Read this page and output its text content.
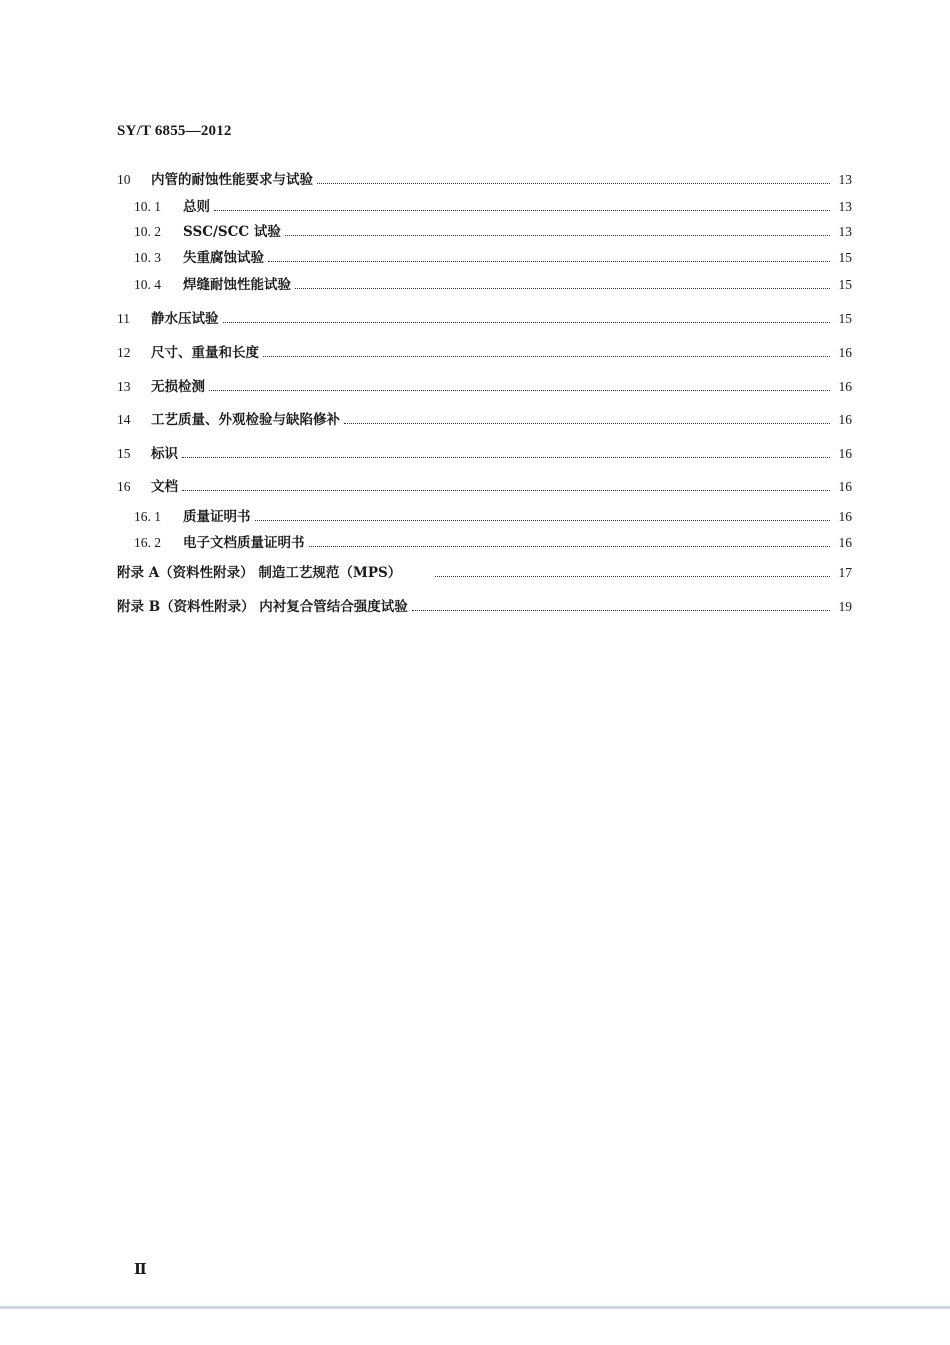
SY/T 6855—2012
10	内管的耐蚀性能要求与试验	13
10. 1	总则	13
10. 2	SSC/SCC 试验	13
10. 3	失重腐蚀试验	15
10. 4	焊缝耐蚀性能试验	15
11	静水压试验	15
12	尺寸、重量和长度	16
13	无损检测	16
14	工艺质量、外观检验与缺陷修补	16
15	标识	16
16	文档	16
16. 1	质量证明书	16
16. 2	电子文档质量证明书	16
附录 A（资料性附录） 制造工艺规范（MPS）	17
附录 B（资料性附录） 内衬复合管结合强度试验	19
Ⅱ
